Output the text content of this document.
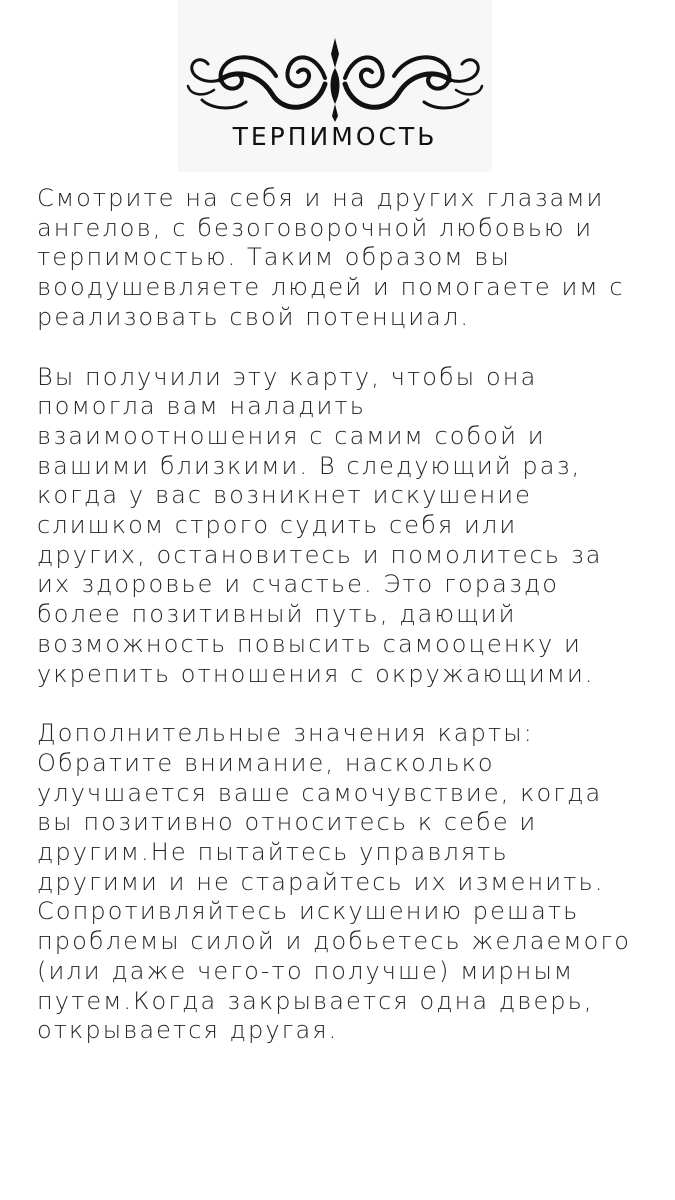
ТЕРПИМОСТЬ
Смотрите на себя и на других глазами
ангелов, с безоговорочной любовью и
терпимостью. Таким образом вы
воодушевляете людей и помогаете им с
реализовать свой потенциал.
Вы получили эту карту, чтобы она
помогла вам наладить
взаимоотношения с самим собой и
вашими близкими. В следующий раз,
когда у вас возникнет искушение
слишком строго судить себя или
других, остановитесь и помолитесь за
их здоровье и счастье. Это гораздо
более позитивный путь, дающий
возможность повысить самооценку и
укрепить отношения с окружающими.
Дополнительные значения карты:
Обратите внимание, насколько
улучшается ваше самочувствие, когда
вы позитивно относитесь к себе и
другим.Не пытайтесь управлять
другими и не старайтесь их изменить.
Сопротивляйтесь искушению решать
проблемы силой и добьетесь желаемого
(или даже чего-то получше) мирным
путем.Когда закрывается одна дверь,
открывается другая.
